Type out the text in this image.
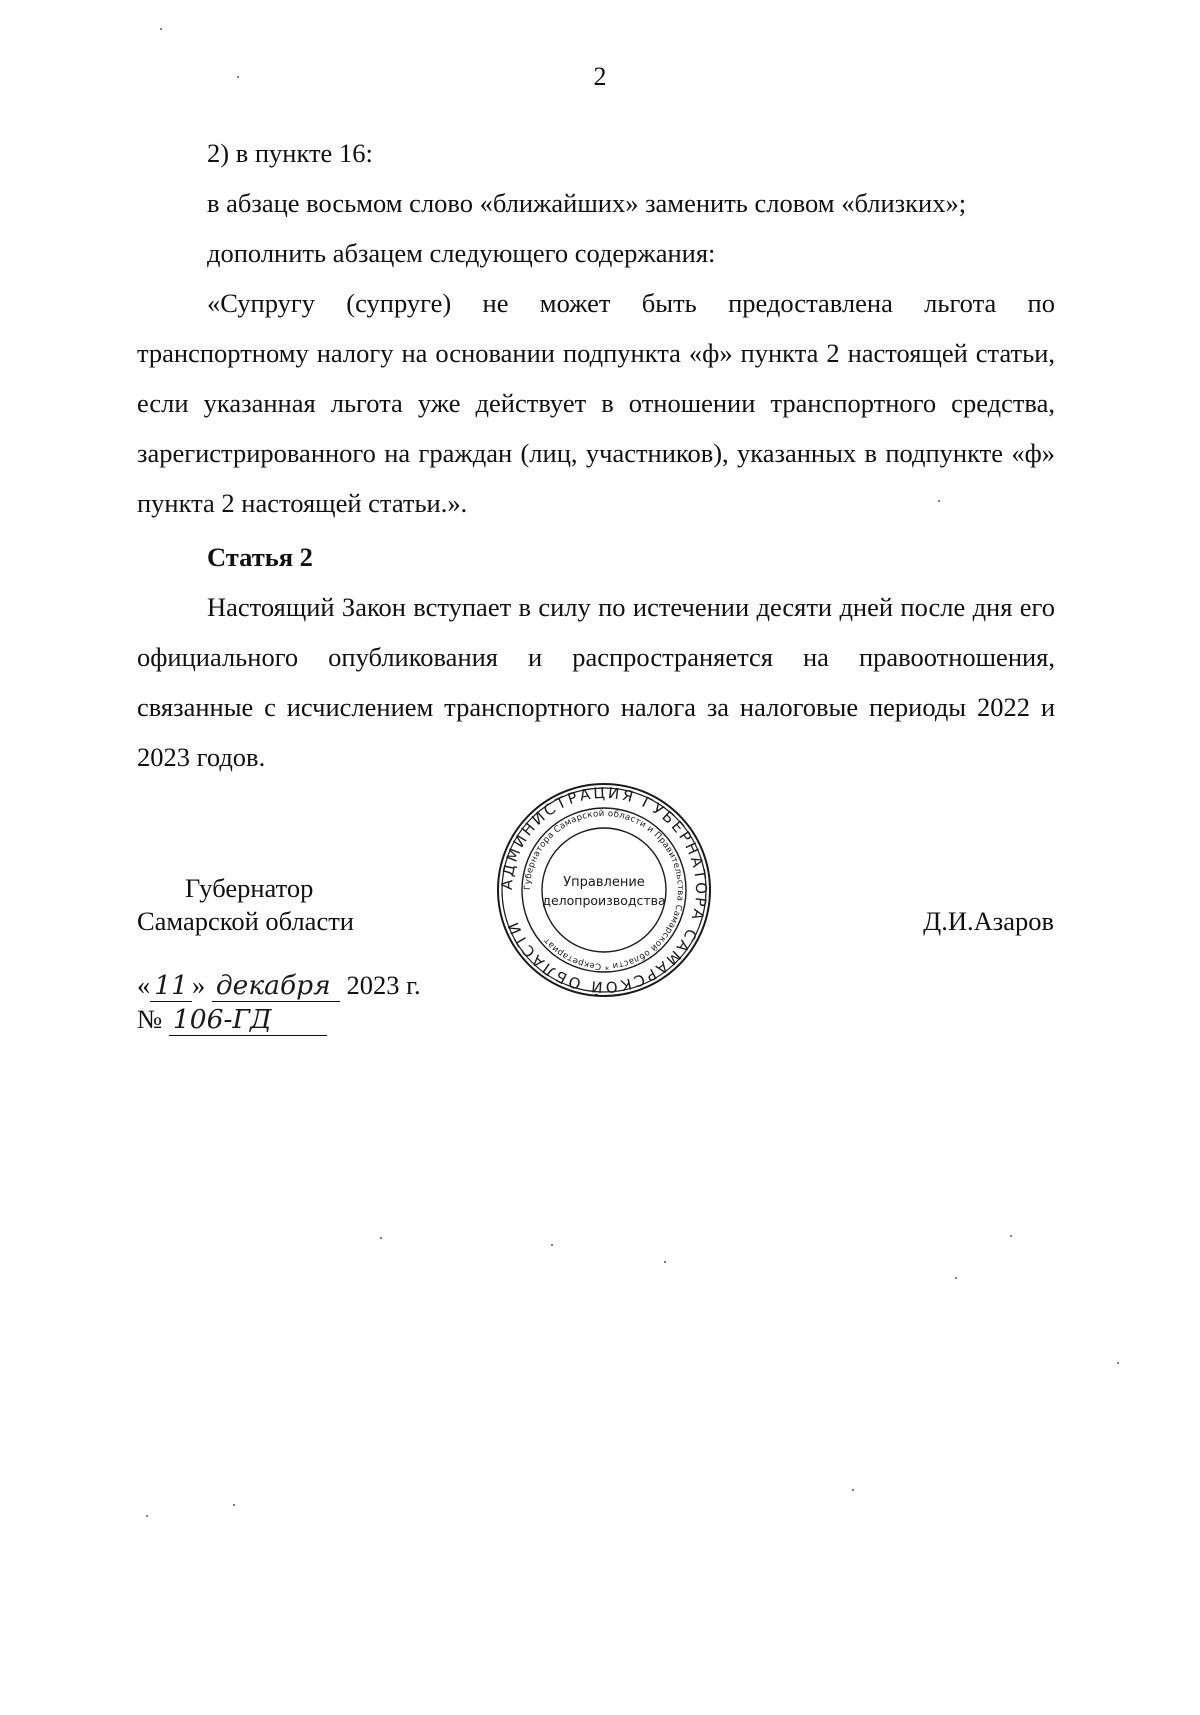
2

2) в пункте 16:

в абзаце восьмом слово «ближайших» заменить словом «близких»;

дополнить абзацем следующего содержания:

«Супругу (супруге) не может быть предоставлена льгота по транспортному налогу на основании подпункта «ф» пункта 2 настоящей статьи, если указанная льгота уже действует в отношении транспортного средства, зарегистрированного на граждан (лиц, участников), указанных в подпункте «ф» пункта 2 настоящей статьи.».

Статья 2

Настоящий Закон вступает в силу по истечении десяти дней после дня его официального опубликования и распространяется на правоотношения, связанные с исчислением транспортного налога за налоговые периоды 2022 и 2023 годов.

Губернатор
Самарской области	Д.И.Азаров
АДМИНИСТРАЦИЯ ГУБЕРНАТОРА САМАРСКОЙ ОБЛАСТИ
Губернатора Самарской области и Правительства Самарской области * Секретариат
Управление
делопроизводства
« 11 » декабря 2023 г.
№ 106-ГД
